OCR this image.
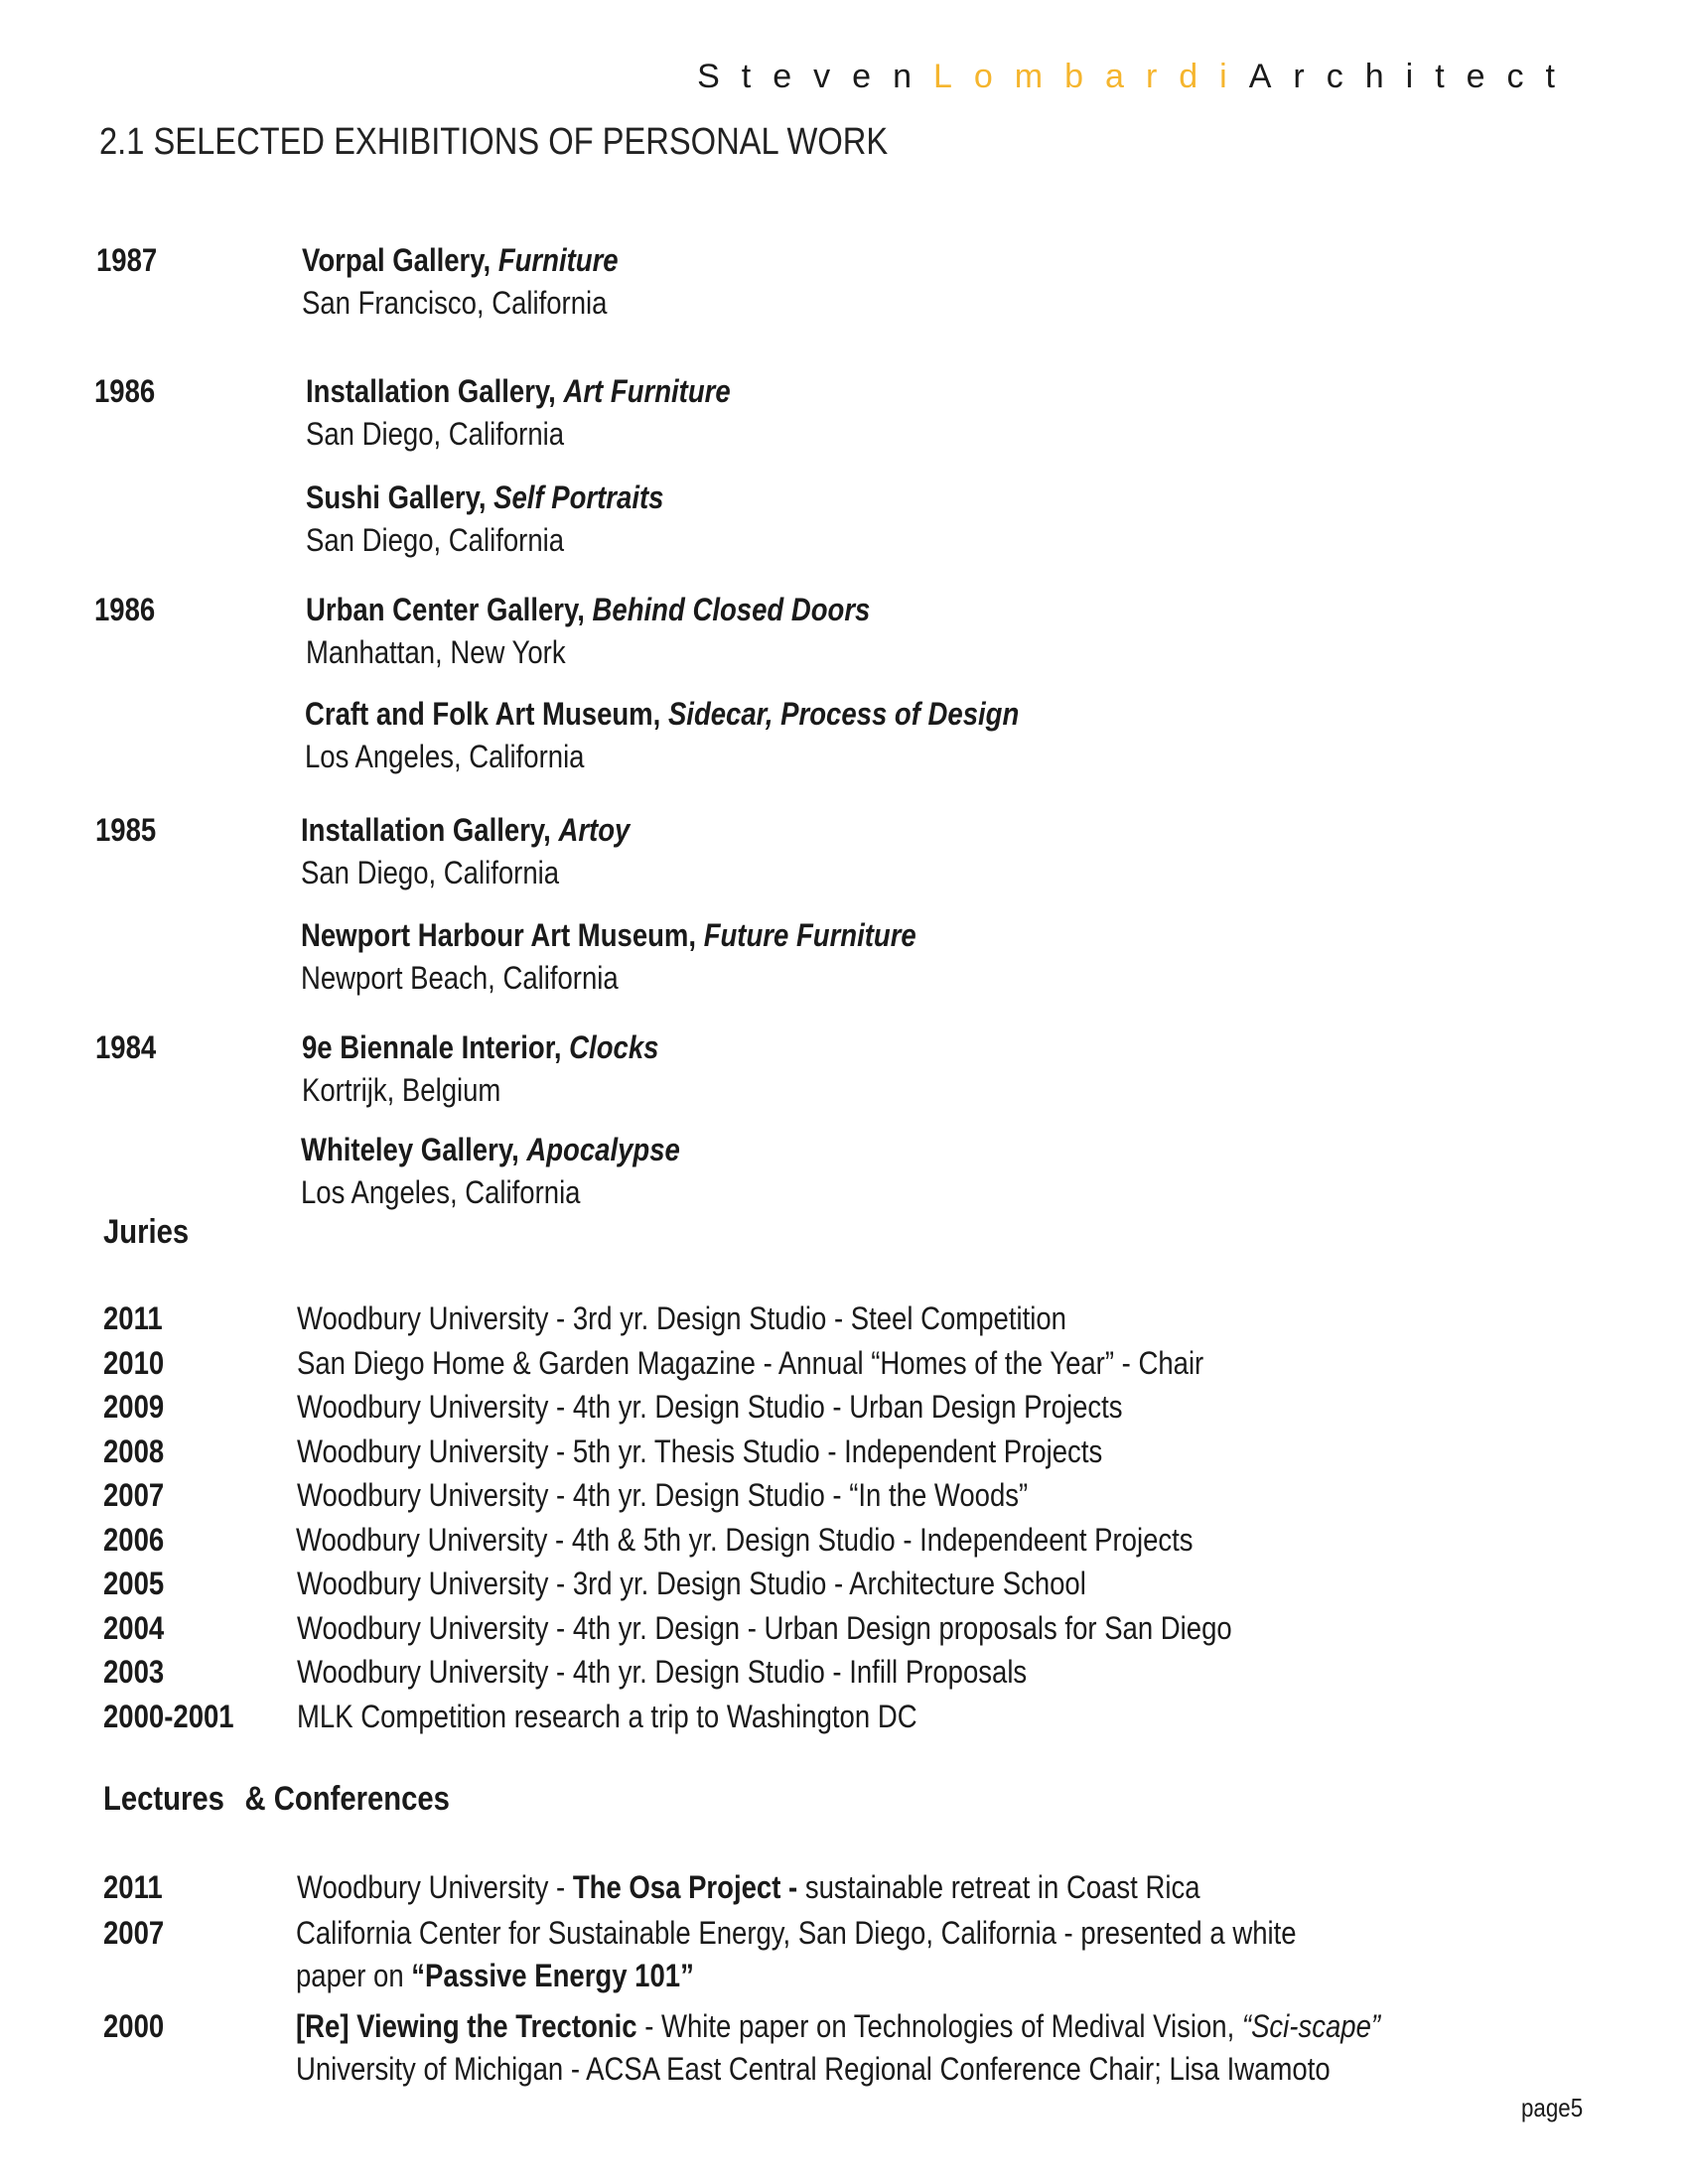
StevenLombardiArchitect
2.1 SELECTED EXHIBITIONS OF PERSONAL WORK
1987	Vorpal Gallery, Furniture
San Francisco, California
1986	Installation Gallery, Art Furniture
San Diego, California
Sushi Gallery, Self Portraits
San Diego, California
1986	Urban Center Gallery, Behind Closed Doors
Manhattan, New York
Craft and Folk Art Museum, Sidecar, Process of Design
Los Angeles, California
1985	Installation Gallery, Artoy
San Diego, California
Newport Harbour Art Museum, Future Furniture
Newport Beach, California
1984	9e Biennale Interior, Clocks
Kortrijk, Belgium
Whiteley Gallery, Apocalypse
Los Angeles, California
Juries
2011	Woodbury University - 3rd yr. Design Studio - Steel Competition
2010	San Diego Home & Garden Magazine - Annual “Homes of the Year” - Chair
2009	Woodbury University - 4th yr. Design Studio - Urban Design Projects
2008	Woodbury University - 5th yr. Thesis Studio - Independent Projects
2007	Woodbury University - 4th yr. Design Studio - “In the Woods”
2006	Woodbury University - 4th & 5th yr. Design Studio - Independeent Projects
2005	Woodbury University - 3rd yr. Design Studio - Architecture School
2004	Woodbury University - 4th yr. Design - Urban Design proposals for San Diego
2003	Woodbury University - 4th yr. Design Studio - Infill Proposals
2000-2001	MLK Competition research a trip to Washington DC
Lectures & Conferences
2011	Woodbury University - The Osa Project - sustainable retreat in Coast Rica
2007	California Center for Sustainable Energy, San Diego, California - presented a white
paper on “Passive Energy 101”
2000	[Re] Viewing the Trectonic - White paper on Technologies of Medival Vision, “Sci-scape”
University of Michigan - ACSA East Central Regional Conference Chair; Lisa Iwamoto
page5
